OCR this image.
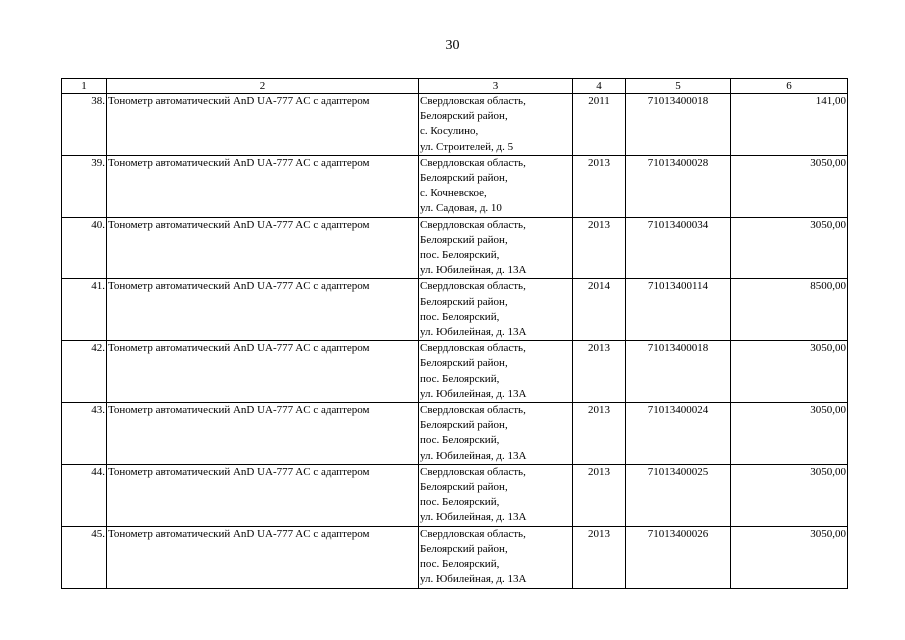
30
1	2	3	4	5	6
38.	Тонометр автоматический AnD UA-777 AC с адаптером	Свердловская область,
Белоярский район,
с. Косулино,
ул. Строителей, д. 5	2011	71013400018	141,00
39.	Тонометр автоматический AnD UA-777 AC с адаптером	Свердловская область,
Белоярский район,
с. Кочневское,
ул. Садовая, д. 10	2013	71013400028	3050,00
40.	Тонометр автоматический AnD UA-777 AC с адаптером	Свердловская область,
Белоярский район,
пос. Белоярский,
ул. Юбилейная, д. 13А	2013	71013400034	3050,00
41.	Тонометр автоматический AnD UA-777 AC с адаптером	Свердловская область,
Белоярский район,
пос. Белоярский,
ул. Юбилейная, д. 13А	2014	71013400114	8500,00
42.	Тонометр автоматический AnD UA-777 AC с адаптером	Свердловская область,
Белоярский район,
пос. Белоярский,
ул. Юбилейная, д. 13А	2013	71013400018	3050,00
43.	Тонометр автоматический AnD UA-777 AC с адаптером	Свердловская область,
Белоярский район,
пос. Белоярский,
ул. Юбилейная, д. 13А	2013	71013400024	3050,00
44.	Тонометр автоматический AnD UA-777 AC с адаптером	Свердловская область,
Белоярский район,
пос. Белоярский,
ул. Юбилейная, д. 13А	2013	71013400025	3050,00
45.	Тонометр автоматический AnD UA-777 AC с адаптером	Свердловская область,
Белоярский район,
пос. Белоярский,
ул. Юбилейная, д. 13А	2013	71013400026	3050,00
